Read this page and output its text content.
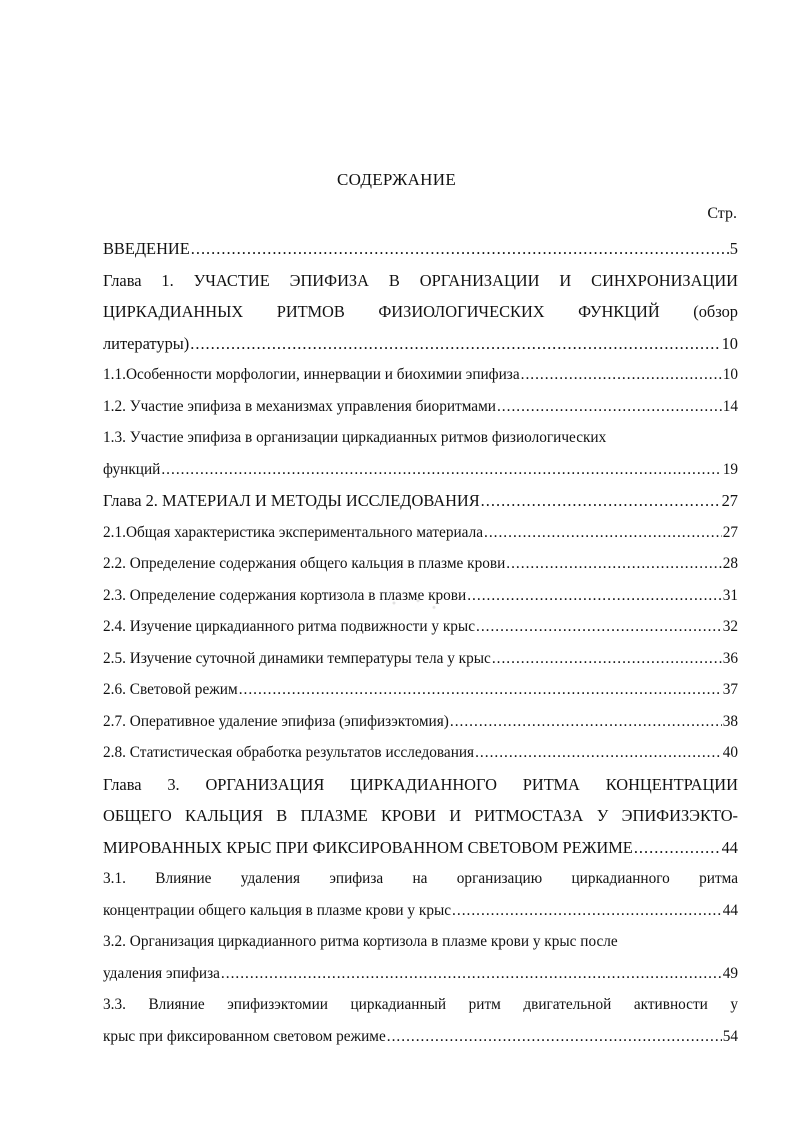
СОДЕРЖАНИЕ
Стр.
ВВЕДЕНИЕ .....	5
Глава 1. УЧАСТИЕ ЭПИФИЗА В ОРГАНИЗАЦИИ И СИНХРОНИЗАЦИИ
ЦИРКАДИАННЫХ РИТМОВ ФИЗИОЛОГИЧЕСКИХ ФУНКЦИЙ (обзор
литературы) .....	10
1.1.Особенности морфологии, иннервации и биохимии эпифиза .....	10
1.2. Участие эпифиза в механизмах управления биоритмами .....	14
1.3. Участие эпифиза в организации циркадианных ритмов физиологических
функций .....	19
Глава 2. МАТЕРИАЛ И МЕТОДЫ ИССЛЕДОВАНИЯ .....	27
2.1.Общая характеристика экспериментального материала .....	27
2.2. Определение содержания общего кальция в плазме крови .....	28
2.3. Определение содержания кортизола в плазме крови .....	31
2.4. Изучение циркадианного ритма подвижности у крыс .....	32
2.5. Изучение суточной динамики температуры тела у крыс .....	36
2.6. Световой режим .....	37
2.7. Оперативное удаление эпифиза (эпифизэктомия) .....	38
2.8. Статистическая обработка результатов исследования .....	40
Глава 3. ОРГАНИЗАЦИЯ ЦИРКАДИАННОГО РИТМА КОНЦЕНТРАЦИИ
ОБЩЕГО КАЛЬЦИЯ В ПЛАЗМЕ КРОВИ И РИТМОСТАЗА У ЭПИФИЗЭКТО-
МИРОВАННЫХ КРЫС ПРИ ФИКСИРОВАННОМ СВЕТОВОМ РЕЖИМЕ .....	44
3.1. Влияние удаления эпифиза на организацию циркадианного ритма
концентрации общего кальция в плазме крови у крыс .....	44
3.2. Организация циркадианного ритма кортизола в плазме крови у крыс после
удаления эпифиза .....	49
3.3. Влияние эпифизэктомии циркадианный ритм двигательной активности у
крыс при фиксированном световом режиме .....	54
